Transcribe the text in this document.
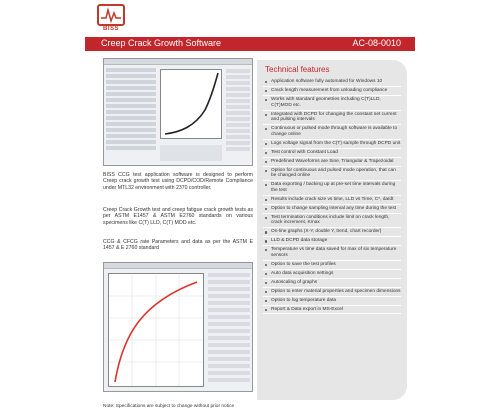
BISS
Creep Crack Growth Software	AC-08-0010

BISS CCG test application software is designed to perform Creep crack growth test using DCPD/COD/Remote Compliance under MTL32 environment with 2370 controller.

Creep Crack Growth test and creep fatigue crack growth tests as per ASTM E1457 & ASTM E2760 standards on various specimens like C(T) LLD, C(T) MOD etc.

CCG & CFCG rate Parameters and data as per the ASTM E 1457 & E 2760 standard

Technical features
Application software fully automated for Windows 10
Crack length measurement from unloading compliance
Works with standard geometries including C(T)LLD, C(T)MOD etc.
Integrated with DCPD for changing the constant set current and pulsing intervals
Continuous or pulsed mode through software is available to change online
Logs voltage signal from the C(T) sample through DCPD unit
Test control with Constant Load
Predefined Waveforms are Sine, Triangular & Trapezoidal
Option for continuous and pulsed mode operation, that can be changed online
Data exporting / backing up at pre-set time intervals during the test
Results include crack size vs time, LLD vs Time, C*, da/dt
Option to change sampling interval any time during the test
Test termination conditions include limit on crack length, crack increment, Kmax
On-line graphs (X-Y, double Y, trend, chart recorder)
LLD & DCPD data storage
Temperature vs time data saved for max of six temperature sensors
Option to save the test profiles
Auto data acquisition settings
Autoscaling of graphs
Option to enter material properties and specimen dimensions
Option to log temperature data
Report & Data export in MS-Excel
Note: Specifications are subject to change without prior notice
